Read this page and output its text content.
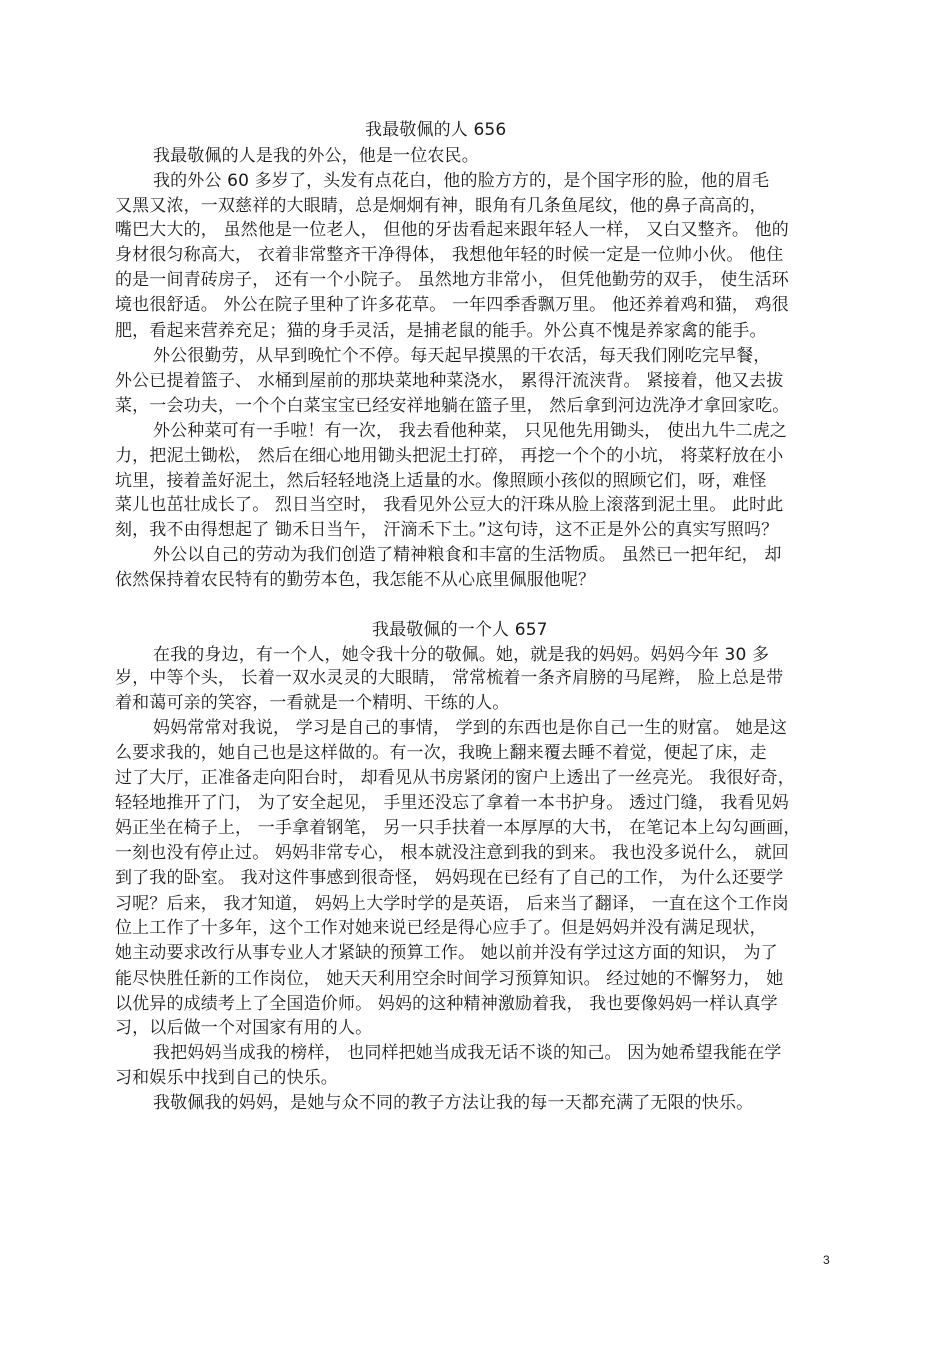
我最敬佩的人 656
我最敬佩的人是我的外公，他是一位农民。
我的外公 60 多岁了，头发有点花白，他的脸方方的，是个国字形的脸，他的眉毛
又黑又浓，一双慈祥的大眼睛，总是炯炯有神，眼角有几条鱼尾纹，他的鼻子高高的，
嘴巴大大的， 虽然他是一位老人， 但他的牙齿看起来跟年轻人一样， 又白又整齐。 他的
身材很匀称高大， 衣着非常整齐干净得体， 我想他年轻的时候一定是一位帅小伙。 他住
的是一间青砖房子， 还有一个小院子。 虽然地方非常小， 但凭他勤劳的双手， 使生活环
境也很舒适。 外公在院子里种了许多花草。 一年四季香飘万里。 他还养着鸡和猫， 鸡很
肥，看起来营养充足；猫的身手灵活，是捕老鼠的能手。外公真不愧是养家禽的能手。
外公很勤劳，从早到晚忙个不停。每天起早摸黑的干农活，每天我们刚吃完早餐，
外公已提着篮子、 水桶到屋前的那块菜地种菜浇水， 累得汗流浃背。 紧接着，他又去拔
菜，一会功夫，一个个白菜宝宝已经安祥地躺在篮子里， 然后拿到河边洗净才拿回家吃。
外公种菜可有一手啦！有一次， 我去看他种菜， 只见他先用锄头， 使出九牛二虎之
力，把泥土锄松， 然后在细心地用锄头把泥土打碎， 再挖一个个的小坑， 将菜籽放在小
坑里，接着盖好泥土，然后轻轻地浇上适量的水。像照顾小孩似的照顾它们，呀，难怪
菜儿也茁壮成长了。 烈日当空时， 我看见外公豆大的汗珠从脸上滚落到泥土里。 此时此
刻，我不由得想起了 锄禾日当午， 汗滴禾下土。”这句诗，这不正是外公的真实写照吗？
外公以自己的劳动为我们创造了精神粮食和丰富的生活物质。 虽然已一把年纪， 却
依然保持着农民特有的勤劳本色，我怎能不从心底里佩服他呢？
我最敬佩的一个人 657
在我的身边，有一个人，她令我十分的敬佩。她，就是我的妈妈。妈妈今年 30 多
岁，中等个头， 长着一双水灵灵的大眼睛， 常常梳着一条齐肩膀的马尾辫， 脸上总是带
着和蔼可亲的笑容，一看就是一个精明、干练的人。
妈妈常常对我说， 学习是自己的事情， 学到的东西也是你自己一生的财富。 她是这
么要求我的，她自己也是这样做的。有一次，我晚上翻来覆去睡不着觉，便起了床，走
过了大厅，正准备走向阳台时， 却看见从书房紧闭的窗户上透出了一丝亮光。 我很好奇，
轻轻地推开了门， 为了安全起见， 手里还没忘了拿着一本书护身。 透过门缝， 我看见妈
妈正坐在椅子上， 一手拿着钢笔， 另一只手扶着一本厚厚的大书， 在笔记本上勾勾画画，
一刻也没有停止过。 妈妈非常专心， 根本就没注意到我的到来。 我也没多说什么， 就回
到了我的卧室。 我对这件事感到很奇怪， 妈妈现在已经有了自己的工作， 为什么还要学
习呢？后来， 我才知道， 妈妈上大学时学的是英语， 后来当了翻译， 一直在这个工作岗
位上工作了十多年，这个工作对她来说已经是得心应手了。但是妈妈并没有满足现状，
她主动要求改行从事专业人才紧缺的预算工作。 她以前并没有学过这方面的知识， 为了
能尽快胜任新的工作岗位， 她天天利用空余时间学习预算知识。 经过她的不懈努力， 她
以优异的成绩考上了全国造价师。 妈妈的这种精神激励着我， 我也要像妈妈一样认真学
习，以后做一个对国家有用的人。
我把妈妈当成我的榜样， 也同样把她当成我无话不谈的知己。 因为她希望我能在学
习和娱乐中找到自己的快乐。
我敬佩我的妈妈，是她与众不同的教子方法让我的每一天都充满了无限的快乐。
3
